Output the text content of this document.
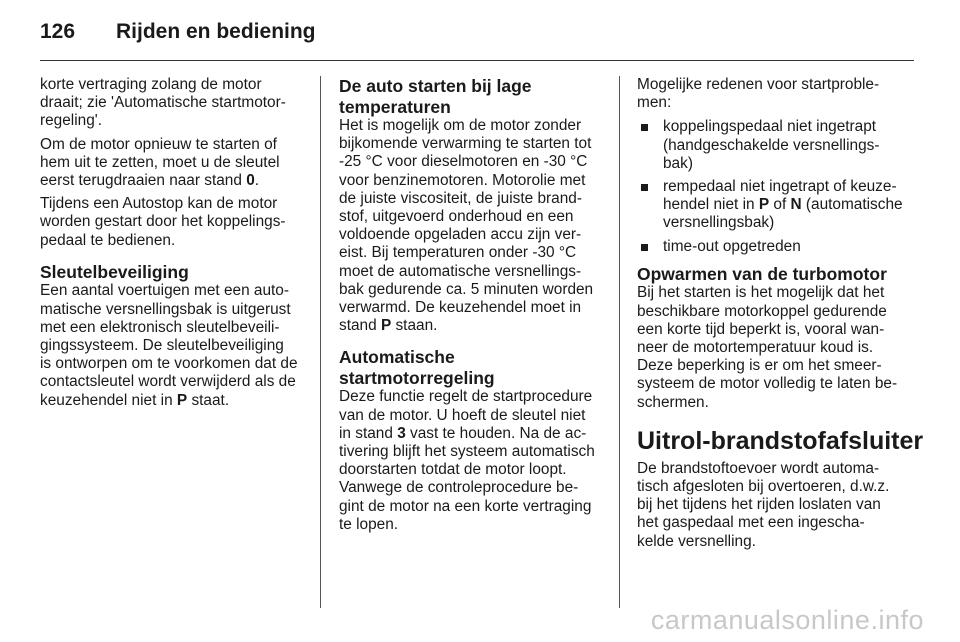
126 Rijden en bediening

korte vertraging zolang de motor
draait; zie 'Automatische startmotor-
regeling'.

Om de motor opnieuw te starten of
hem uit te zetten, moet u de sleutel
eerst terugdraaien naar stand 0.

Tijdens een Autostop kan de motor
worden gestart door het koppelings-
pedaal te bedienen.

Sleutelbeveiliging

Een aantal voertuigen met een auto-
matische versnellingsbak is uitgerust
met een elektronisch sleutelbeveili-
gingssysteem. De sleutelbeveiliging
is ontworpen om te voorkomen dat de
contactsleutel wordt verwijderd als de
keuzehendel niet in P staat.

De auto starten bij lage
temperaturen

Het is mogelijk om de motor zonder
bijkomende verwarming te starten tot
-25 °C voor dieselmotoren en -30 °C
voor benzinemotoren. Motorolie met
de juiste viscositeit, de juiste brand-
stof, uitgevoerd onderhoud en een
voldoende opgeladen accu zijn ver-
eist. Bij temperaturen onder -30 °C
moet de automatische versnellings-
bak gedurende ca. 5 minuten worden
verwarmd. De keuzehendel moet in
stand P staan.

Automatische
startmotorregeling

Deze functie regelt de startprocedure
van de motor. U hoeft de sleutel niet
in stand 3 vast te houden. Na de ac-
tivering blijft het systeem automatisch
doorstarten totdat de motor loopt.
Vanwege de controleprocedure be-
gint de motor na een korte vertraging
te lopen.

Mogelijke redenen voor startproble-
men:

koppelingspedaal niet ingetrapt
(handgeschakelde versnellings-
bak)
rempedaal niet ingetrapt of keuze-
hendel niet in P of N (automatische
versnellingsbak)
time-out opgetreden
Opwarmen van de turbomotor

Bij het starten is het mogelijk dat het
beschikbare motorkoppel gedurende
een korte tijd beperkt is, vooral wan-
neer de motortemperatuur koud is.
Deze beperking is er om het smeer-
systeem de motor volledig te laten be-
schermen.

Uitrol-brandstofafsluiter

De brandstoftoevoer wordt automa-
tisch afgesloten bij overtoeren, d.w.z.
bij het tijdens het rijden loslaten van
het gaspedaal met een ingescha-
kelde versnelling.

carmanualsonline.info
